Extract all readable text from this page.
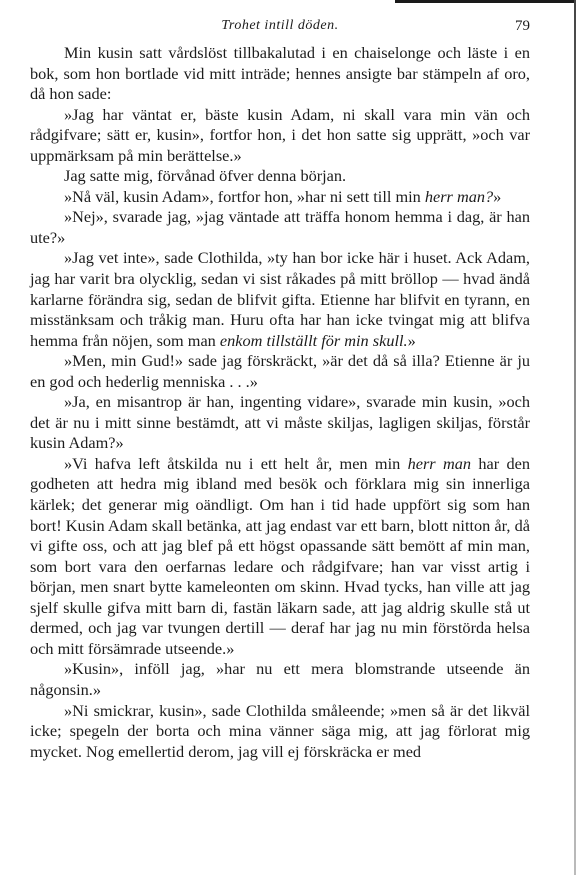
Trohet intill döden.	79

Min kusin satt vårdslöst tillbakalutad i en chaiselonge och läste i en bok, som hon bortlade vid mitt inträde; hennes ansigte bar stämpeln af oro, då hon sade:

»Jag har väntat er, bäste kusin Adam, ni skall vara min vän och rådgifvare; sätt er, kusin», fortfor hon, i det hon satte sig upprätt, »och var uppmärksam på min berättelse.»

Jag satte mig, förvånad öfver denna början.

»Nå väl, kusin Adam», fortfor hon, »har ni sett till min herr man?»

»Nej», svarade jag, »jag väntade att träffa honom hemma i dag, är han ute?»

»Jag vet inte», sade Clothilda, »ty han bor icke här i huset. Ack Adam, jag har varit bra olycklig, sedan vi sist råkades på mitt bröllop — hvad ändå karlarne förändra sig, sedan de blifvit gifta. Etienne har blifvit en tyrann, en misstänksam och tråkig man. Huru ofta har han icke tvingat mig att blifva hemma från nöjen, som man enkom tillställt för min skull.»

»Men, min Gud!» sade jag förskräckt, »är det då så illa? Etienne är ju en god och hederlig menniska . . .»

»Ja, en misantrop är han, ingenting vidare», svarade min kusin, »och det är nu i mitt sinne bestämdt, att vi måste skiljas, lagligen skiljas, förstår kusin Adam?»

»Vi hafva left åtskilda nu i ett helt år, men min herr man har den godheten att hedra mig ibland med besök och förklara mig sin innerliga kärlek; det generar mig oändligt. Om han i tid hade uppfört sig som han bort! Kusin Adam skall betänka, att jag endast var ett barn, blott nitton år, då vi gifte oss, och att jag blef på ett högst opassande sätt bemött af min man, som bort vara den oerfarnas ledare och rådgifvare; han var visst artig i början, men snart bytte kameleonten om skinn. Hvad tycks, han ville att jag sjelf skulle gifva mitt barn di, fastän läkarn sade, att jag aldrig skulle stå ut dermed, och jag var tvungen dertill — deraf har jag nu min förstörda helsa och mitt försämrade utseende.»

»Kusin», inföll jag, »har nu ett mera blomstrande utseende än någonsin.»

»Ni smickrar, kusin», sade Clothilda småleende; »men så är det likväl icke; spegeln der borta och mina vänner säga mig, att jag förlorat mig mycket. Nog emellertid derom, jag vill ej förskräcka er med
